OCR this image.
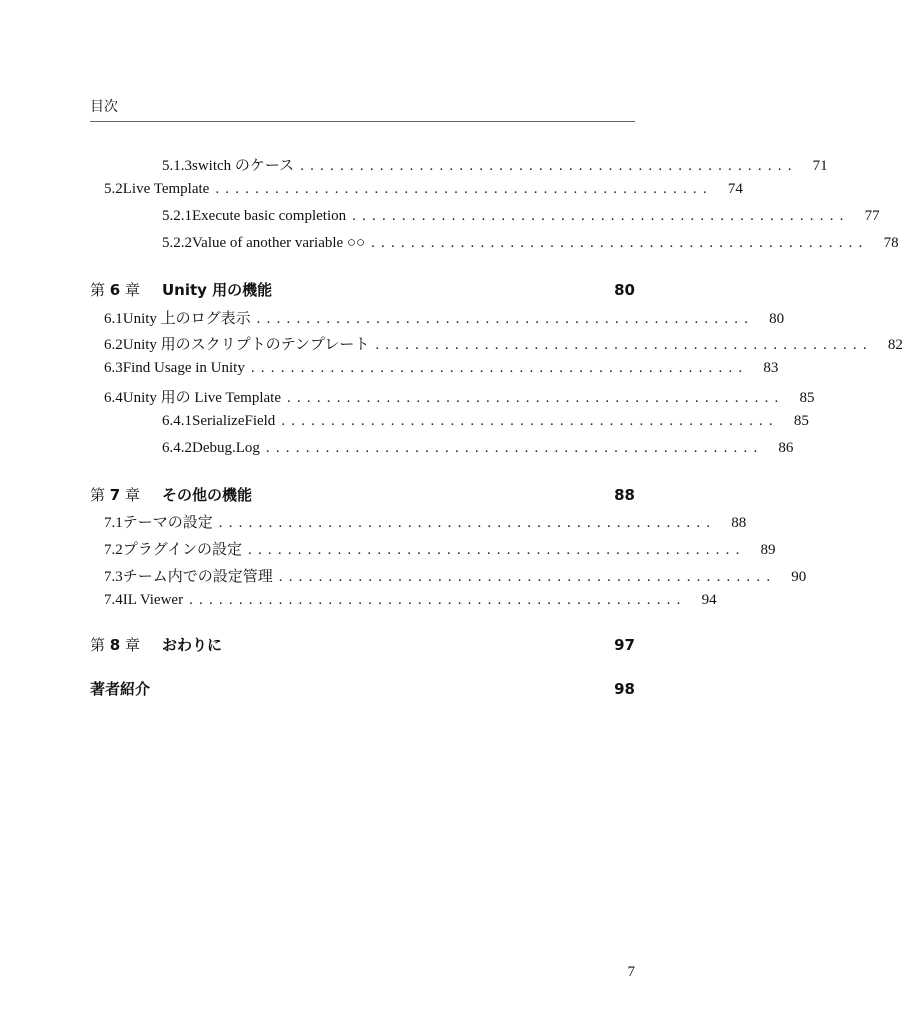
目次
5.1.3 switch のケース ..................................................	71
5.2 Live Template ..................................................	74
5.2.1 Execute basic completion ..................................................	77
5.2.2 Value of another variable ○○ ..................................................	78
第 6 章	Unity 用の機能	80
6.1 Unity 上のログ表示 ..................................................	80
6.2 Unity 用のスクリプトのテンプレート ..................................................	82
6.3 Find Usage in Unity ..................................................	83
6.4 Unity 用の Live Template ..................................................	85
6.4.1 SerializeField ..................................................	85
6.4.2 Debug.Log ..................................................	86
第 7 章	その他の機能	88
7.1 テーマの設定 ..................................................	88
7.2 プラグインの設定 ..................................................	89
7.3 チーム内での設定管理 ..................................................	90
7.4 IL Viewer ..................................................	94
第 8 章	おわりに	97
著者紹介	98
7
